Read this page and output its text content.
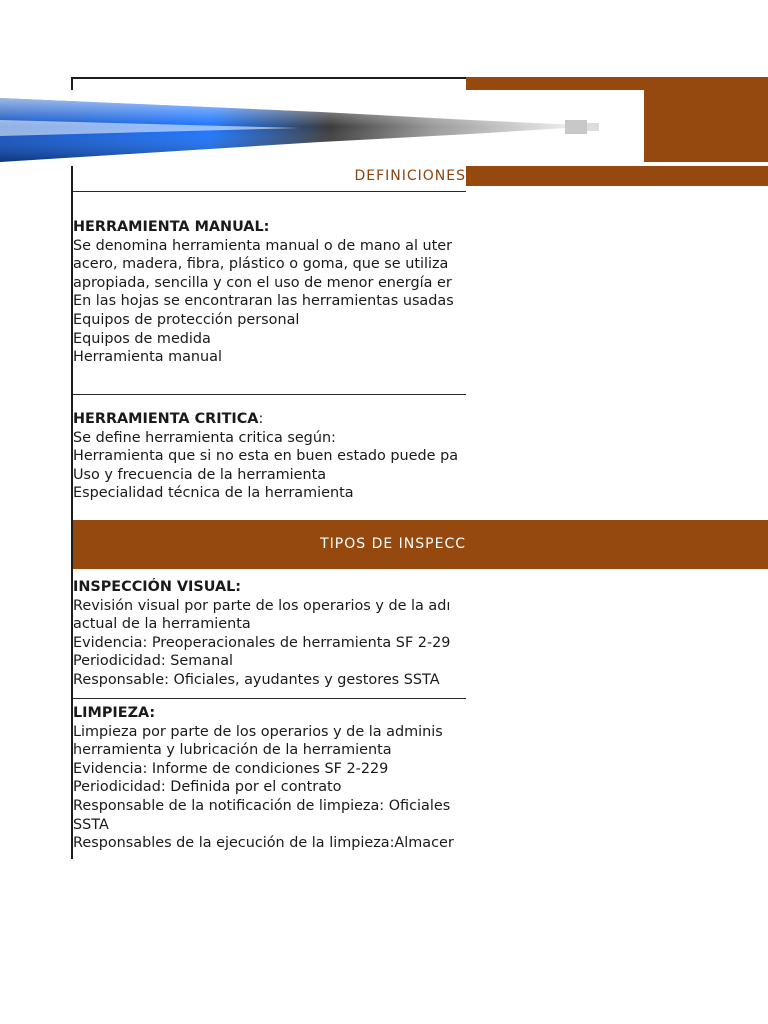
DEFINICIONES
HERRAMIENTA MANUAL:
Se denomina herramienta manual o de mano al uter
acero, madera, fibra, plástico o goma, que se utiliza
apropiada, sencilla y con el uso de menor energía er
En las hojas se encontraran las herramientas usadas
Equipos de protección personal
Equipos de medida
Herramienta manual
HERRAMIENTA CRITICA:
Se define herramienta critica según:
Herramienta que si no esta en buen estado puede pa
Uso y frecuencia de la herramienta
Especialidad técnica de la herramienta
TIPOS DE INSPECC
INSPECCIÓN VISUAL:
Revisión visual por parte de los operarios y de la adı
actual de la herramienta
Evidencia: Preoperacionales de herramienta SF 2-29
Periodicidad: Semanal
Responsable: Oficiales, ayudantes y gestores SSTA
LIMPIEZA:
Limpieza por parte de los operarios y de la adminis
herramienta y lubricación de la herramienta
Evidencia: Informe de condiciones SF 2-229
Periodicidad: Definida por el contrato
Responsable de la notificación de limpieza: Oficiales
SSTA
Responsables de la ejecución de la limpieza:Almacer
